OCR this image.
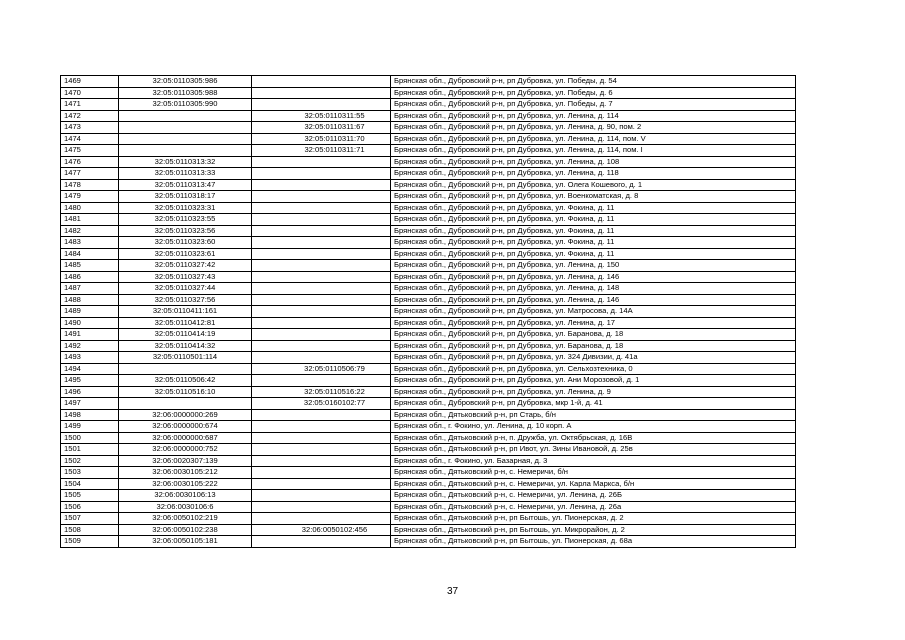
1469	32:05:0110305:986		Брянская обл., Дубровский р-н, рп Дубровка, ул. Победы, д. 54
1470	32:05:0110305:988		Брянская обл., Дубровский р-н, рп Дубровка, ул. Победы, д. 6
1471	32:05:0110305:990		Брянская обл., Дубровский р-н, рп Дубровка, ул. Победы, д. 7
1472		32:05:0110311:55	Брянская обл., Дубровский р-н, рп Дубровка, ул. Ленина, д. 114
1473		32:05:0110311:67	Брянская обл., Дубровский р-н, рп Дубровка, ул. Ленина, д. 90, пом. 2
1474		32:05:0110311:70	Брянская обл., Дубровский р-н, рп Дубровка, ул. Ленина, д. 114, пом. V
1475		32:05:0110311:71	Брянская обл., Дубровский р-н, рп Дубровка, ул. Ленина, д. 114, пом. I
1476	32:05:0110313:32		Брянская обл., Дубровский р-н, рп Дубровка, ул. Ленина, д. 108
1477	32:05:0110313:33		Брянская обл., Дубровский р-н, рп Дубровка, ул. Ленина, д. 118
1478	32:05:0110313:47		Брянская обл., Дубровский р-н, рп Дубровка, ул. Олега Кошевого, д. 1
1479	32:05:0110318:17		Брянская обл., Дубровский р-н, рп Дубровка, ул. Военкоматская, д. 8
1480	32:05:0110323:31		Брянская обл., Дубровский р-н, рп Дубровка, ул. Фокина, д. 11
1481	32:05:0110323:55		Брянская обл., Дубровский р-н, рп Дубровка, ул. Фокина, д. 11
1482	32:05:0110323:56		Брянская обл., Дубровский р-н, рп Дубровка, ул. Фокина, д. 11
1483	32:05:0110323:60		Брянская обл., Дубровский р-н, рп Дубровка, ул. Фокина, д. 11
1484	32:05:0110323:61		Брянская обл., Дубровский р-н, рп Дубровка, ул. Фокина, д. 11
1485	32:05:0110327:42		Брянская обл., Дубровский р-н, рп Дубровка, ул. Ленина, д. 150
1486	32:05:0110327:43		Брянская обл., Дубровский р-н, рп Дубровка, ул. Ленина, д. 146
1487	32:05:0110327:44		Брянская обл., Дубровский р-н, рп Дубровка, ул. Ленина, д. 148
1488	32:05:0110327:56		Брянская обл., Дубровский р-н, рп Дубровка, ул. Ленина, д. 146
1489	32:05:0110411:161		Брянская обл., Дубровский р-н, рп Дубровка, ул. Матросова, д. 14А
1490	32:05:0110412:81		Брянская обл., Дубровский р-н, рп Дубровка, ул. Ленина, д. 17
1491	32:05:0110414:19		Брянская обл., Дубровский р-н, рп Дубровка, ул. Баранова, д. 18
1492	32:05:0110414:32		Брянская обл., Дубровский р-н, рп Дубровка, ул. Баранова, д. 18
1493	32:05:0110501:114		Брянская обл., Дубровский р-н, рп Дубровка, ул. 324 Дивизии, д. 41а
1494		32:05:0110506:79	Брянская обл., Дубровский р-н, рп Дубровка, ул. Сельхозтехника, 0
1495	32:05:0110506:42		Брянская обл., Дубровский р-н, рп Дубровка, ул. Ани Морозовой, д. 1
1496	32:05:0110516:10	32:05:0110516:22	Брянская обл., Дубровский р-н, рп Дубровка, ул. Ленина, д. 9
1497		32:05:0160102:77	Брянская обл., Дубровский р-н, рп Дубровка, мкр 1-й, д. 41
1498	32:06:0000000:269		Брянская обл., Дятьковский р-н, рп Старь, б/н
1499	32:06:0000000:674		Брянская обл., г. Фокино, ул. Ленина, д. 10 корп. А
1500	32:06:0000000:687		Брянская обл., Дятьковский р-н, п. Дружба, ул. Октябрьская, д. 16В
1501	32:06:0000000:752		Брянская обл., Дятьковский р-н, рп Ивот, ул. Зины Ивановой, д. 25в
1502	32:06:0020307:139		Брянская обл., г. Фокино, ул. Базарная, д. 3
1503	32:06:0030105:212		Брянская обл., Дятьковский р-н, с. Немеричи, б/н
1504	32:06:0030105:222		Брянская обл., Дятьковский р-н, с. Немеричи, ул. Карла Маркса, б/н
1505	32:06:0030106:13		Брянская обл., Дятьковский р-н, с. Немеричи, ул. Ленина, д. 26Б
1506	32:06:0030106:6		Брянская обл., Дятьковский р-н, с. Немеричи, ул. Ленина, д. 26а
1507	32:06:0050102:219		Брянская обл., Дятьковский р-н, рп Бытошь, ул. Пионерская, д. 2
1508	32:06:0050102:238	32:06:0050102:456	Брянская обл., Дятьковский р-н, рп Бытошь, ул. Микрорайон, д. 2
1509	32:06:0050105:181		Брянская обл., Дятьковский р-н, рп Бытошь, ул. Пионерская, д. 68а
37
